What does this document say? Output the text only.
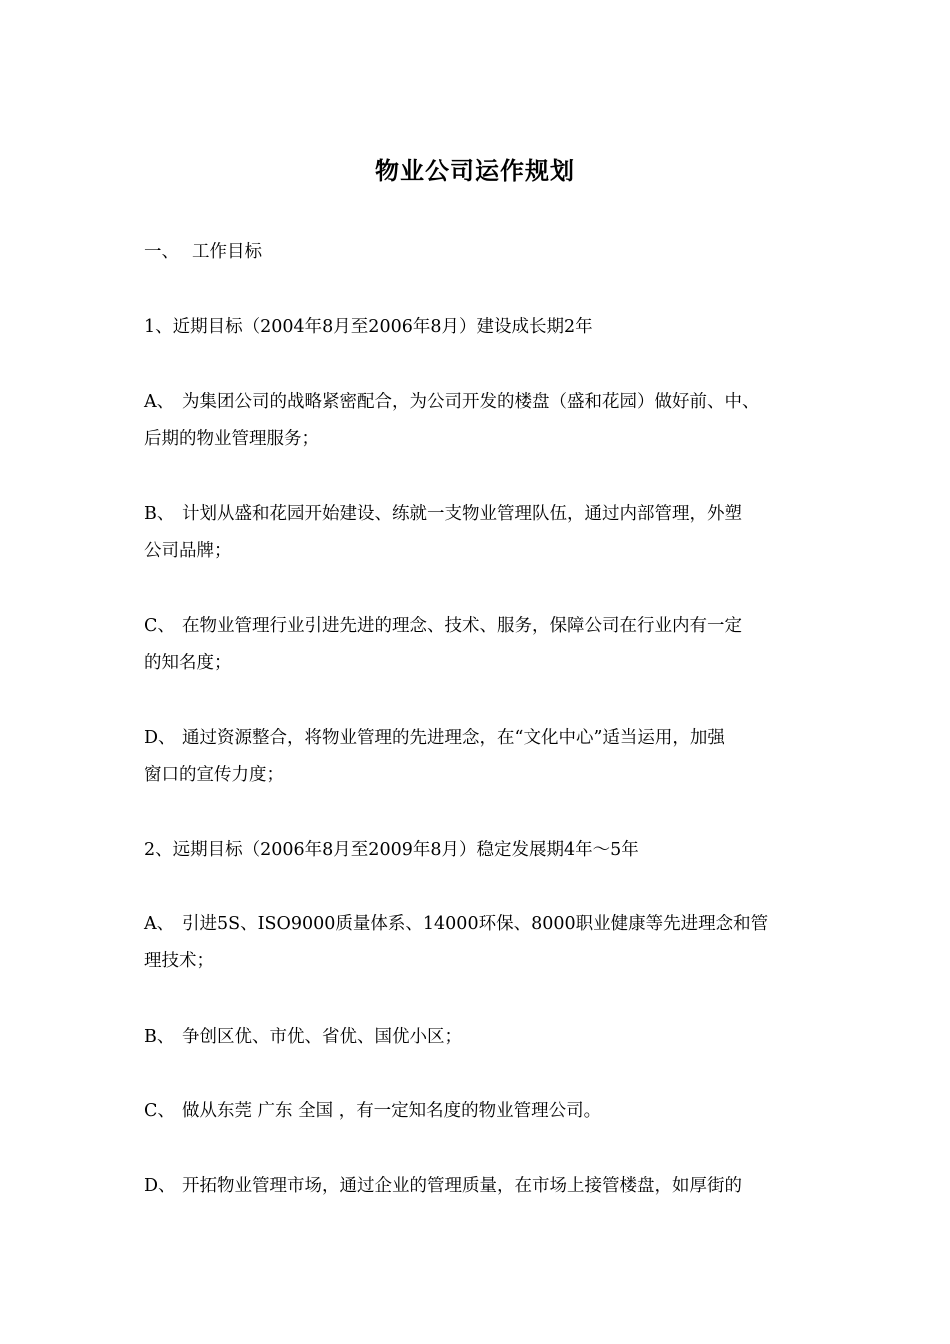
物业公司运作规划
一、 工作目标
1、近期目标（2004年8月至2006年8月）建设成长期2年
A、 为集团公司的战略紧密配合，为公司开发的楼盘（盛和花园）做好前、中、
后期的物业管理服务；
B、 计划从盛和花园开始建设、练就一支物业管理队伍，通过内部管理，外塑
公司品牌；
C、 在物业管理行业引进先进的理念、技术、服务，保障公司在行业内有一定
的知名度；
D、 通过资源整合，将物业管理的先进理念，在“文化中心”适当运用，加强
窗口的宣传力度；
2、远期目标（2006年8月至2009年8月）稳定发展期4年～5年
A、 引进5S、ISO9000质量体系、14000环保、8000职业健康等先进理念和管
理技术；
B、 争创区优、市优、省优、国优小区；
C、 做从东莞 广东 全国 ，有一定知名度的物业管理公司。
D、 开拓物业管理市场，通过企业的管理质量，在市场上接管楼盘，如厚街的
